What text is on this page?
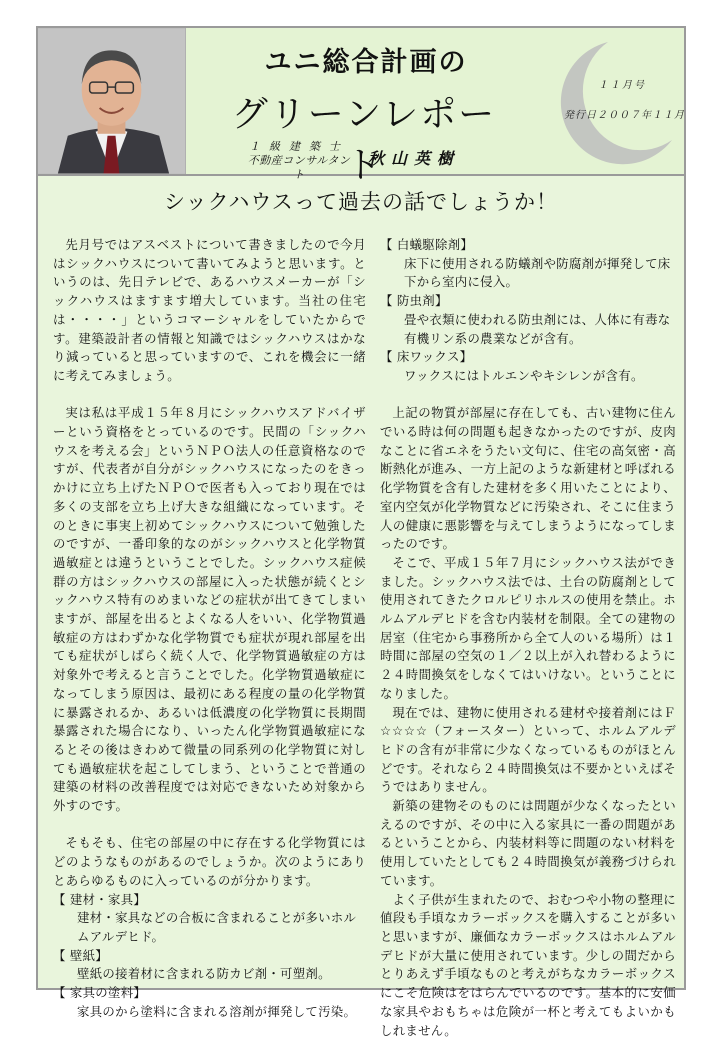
ユニ総合計画の
グリーンレポート
１級建築士
不動産コンサルタント
秋山英樹
１１月号
発行日２００７年１１月
シックハウスって過去の話でしょうか！

先月号ではアスベストについて書きましたので今月はシックハウスについて書いてみようと思います。というのは、先日テレビで、あるハウスメーカーが「シックハウスはますます増大しています。当社の住宅は・・・・」というコマーシャルをしていたからです。建築設計者の情報と知識ではシックハウスはかなり減っていると思っていますので、これを機会に一緒に考えてみましょう。

実は私は平成１５年８月にシックハウスアドバイザーという資格をとっているのです。民間の「シックハウスを考える会」というＮＰＯ法人の任意資格なのですが、代表者が自分がシックハウスになったのをきっかけに立ち上げたＮＰＯで医者も入っており現在では多くの支部を立ち上げ大きな組織になっています。そのときに事実上初めてシックハウスについて勉強したのですが、一番印象的なのがシックハウスと化学物質過敏症とは違うということでした。シックハウス症候群の方はシックハウスの部屋に入った状態が続くとシックハウス特有のめまいなどの症状が出てきてしまいますが、部屋を出るとよくなる人をいい、化学物質過敏症の方はわずかな化学物質でも症状が現れ部屋を出ても症状がしばらく続く人で、化学物質過敏症の方は対象外で考えると言うことでした。化学物質過敏症になってしまう原因は、最初にある程度の量の化学物質に暴露されるか、あるいは低濃度の化学物質に長期間暴露された場合になり、いったん化学物質過敏症になるとその後はきわめて微量の同系列の化学物質に対しても過敏症状を起こしてしまう、ということで普通の建築の材料の改善程度では対応できないため対象から外すのです。

そもそも、住宅の部屋の中に存在する化学物質にはどのようなものがあるのでしょうか。次のようにありとあらゆるものに入っているのが分かります。

【 建材・家具】

建材・家具などの合板に含まれることが多いホルムアルデヒド。

【 壁紙】

壁紙の接着材に含まれる防カビ剤・可塑剤。

【 家具の塗料】

家具のから塗料に含まれる溶剤が揮発して汚染。

【 白蟻駆除剤】

床下に使用される防蟻剤や防腐剤が揮発して床下から室内に侵入。

【 防虫剤】

畳や衣類に使われる防虫剤には、人体に有毒な有機リン系の農業などが含有。

【 床ワックス】

ワックスにはトルエンやキシレンが含有。

上記の物質が部屋に存在しても、古い建物に住んでいる時は何の問題も起きなかったのですが、皮肉なことに省エネをうたい文句に、住宅の高気密・高断熱化が進み、一方上記のような新建材と呼ばれる化学物質を含有した建材を多く用いたことにより、室内空気が化学物質などに汚染され、そこに住まう人の健康に悪影響を与えてしまうようになってしまったのです。

そこで、平成１５年７月にシックハウス法ができました。シックハウス法では、土台の防腐剤として使用されてきたクロルピリホルスの使用を禁止。ホルムアルデヒドを含む内装材を制限。全ての建物の居室（住宅から事務所から全て人のいる場所）は１時間に部屋の空気の１／２以上が入れ替わるように２４時間換気をしなくてはいけない。ということになりました。

現在では、建物に使用される建材や接着剤にはＦ☆☆☆☆（フォースター）といって、ホルムアルデヒドの含有が非常に少なくなっているものがほとんどです。それなら２４時間換気は不要かといえばそうではありません。

新築の建物そのものには問題が少なくなったといえるのですが、その中に入る家具に一番の問題があるということから、内装材料等に問題のない材料を使用していたとしても２４時間換気が義務づけられています。

よく子供が生まれたので、おむつや小物の整理に値段も手頃なカラーボックスを購入することが多いと思いますが、廉価なカラーボックスはホルムアルデヒドが大量に使用されています。少しの間だからとりあえず手頃なものと考えがちなカラーボックスにこそ危険はをはらんでいるのです。基本的に安価な家具やおもちゃは危険が一杯と考えてもよいかもしれません。
